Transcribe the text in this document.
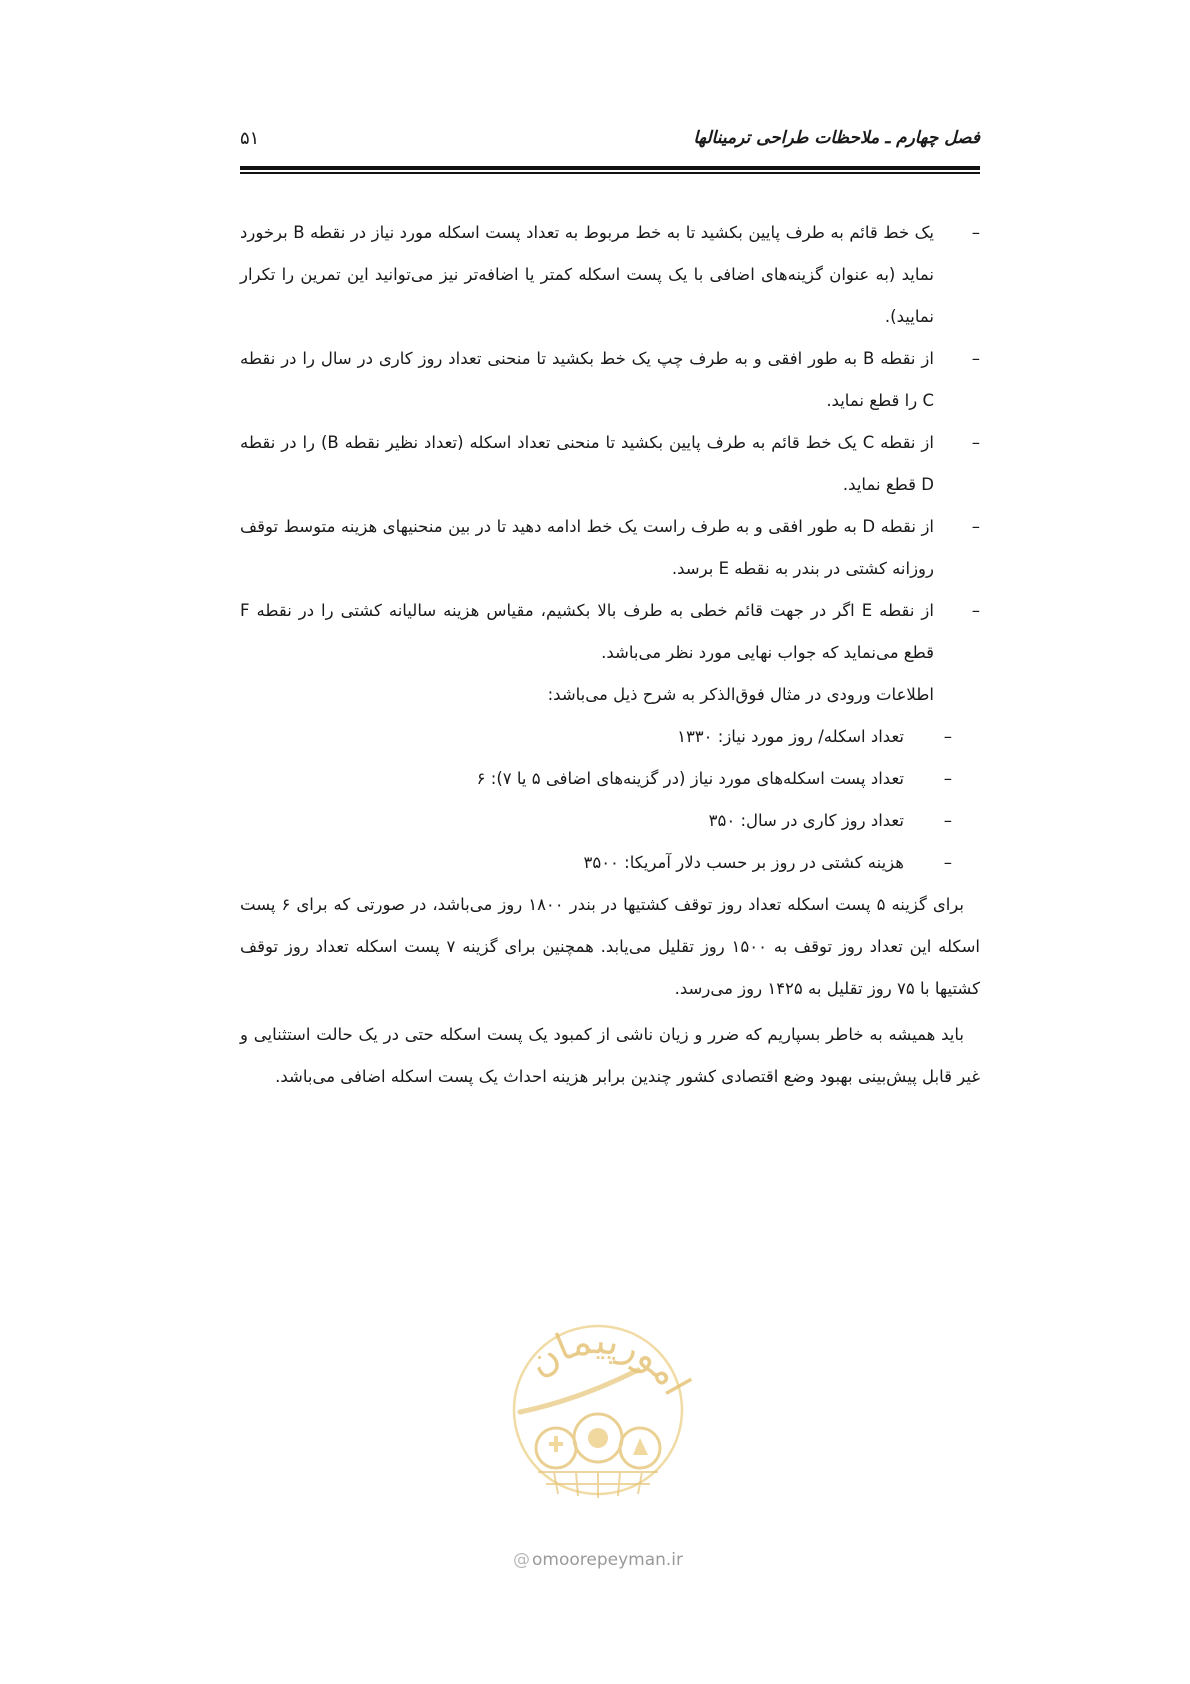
فصل چهارم ـ ملاحظات طراحی ترمینالها
۵۱

– یک خط قائم به طرف پایین بکشید تا به خط مربوط به تعداد پست اسکله مورد نیاز در نقطه B برخورد نماید (به عنوان گزینه‌های اضافی با یک پست اسکله کمتر یا اضافه‌تر نیز می‌توانید این تمرین را تکرار نمایید).

– از نقطه B به طور افقی و به طرف چپ یک خط بکشید تا منحنی تعداد روز کاری در سال را در نقطه C را قطع نماید.

– از نقطه C یک خط قائم به طرف پایین بکشید تا منحنی تعداد اسکله (تعداد نظیر نقطه B) را در نقطه D قطع نماید.

– از نقطه D به طور افقی و به طرف راست یک خط ادامه دهید تا در بین منحنیهای هزینه متوسط توقف روزانه کشتی در بندر به نقطه E برسد.

– از نقطه E اگر در جهت قائم خطی به طرف بالا بکشیم، مقیاس هزینه سالیانه کشتی را در نقطه F قطع می‌نماید که جواب نهایی مورد نظر می‌باشد.

اطلاعات ورودی در مثال فوق‌الذکر به شرح ذیل می‌باشد:

– تعداد اسکله/ روز مورد نیاز: ۱۳۳۰

– تعداد پست اسکله‌های مورد نیاز (در گزینه‌های اضافی ۵ یا ۷): ۶

– تعداد روز کاری در سال: ۳۵۰

– هزینه کشتی در روز بر حسب دلار آمریکا: ۳۵۰۰

برای گزینه ۵ پست اسکله تعداد روز توقف کشتیها در بندر ۱۸۰۰ روز می‌باشد، در صورتی که برای ۶ پست اسکله این تعداد روز توقف به ۱۵۰۰ روز تقلیل می‌یابد. همچنین برای گزینه ۷ پست اسکله تعداد روز توقف کشتیها با ۷۵ روز تقلیل به ۱۴۲۵ روز می‌رسد.

باید همیشه به خاطر بسپاریم که ضرر و زیان ناشی از کمبود یک پست اسکله حتی در یک حالت استثنایی و غیر قابل پیش‌بینی بهبود وضع اقتصادی کشور چندین برابر هزینه احداث یک پست اسکله اضافی می‌باشد.

امورپیمان
@ omoorepeyman.ir
